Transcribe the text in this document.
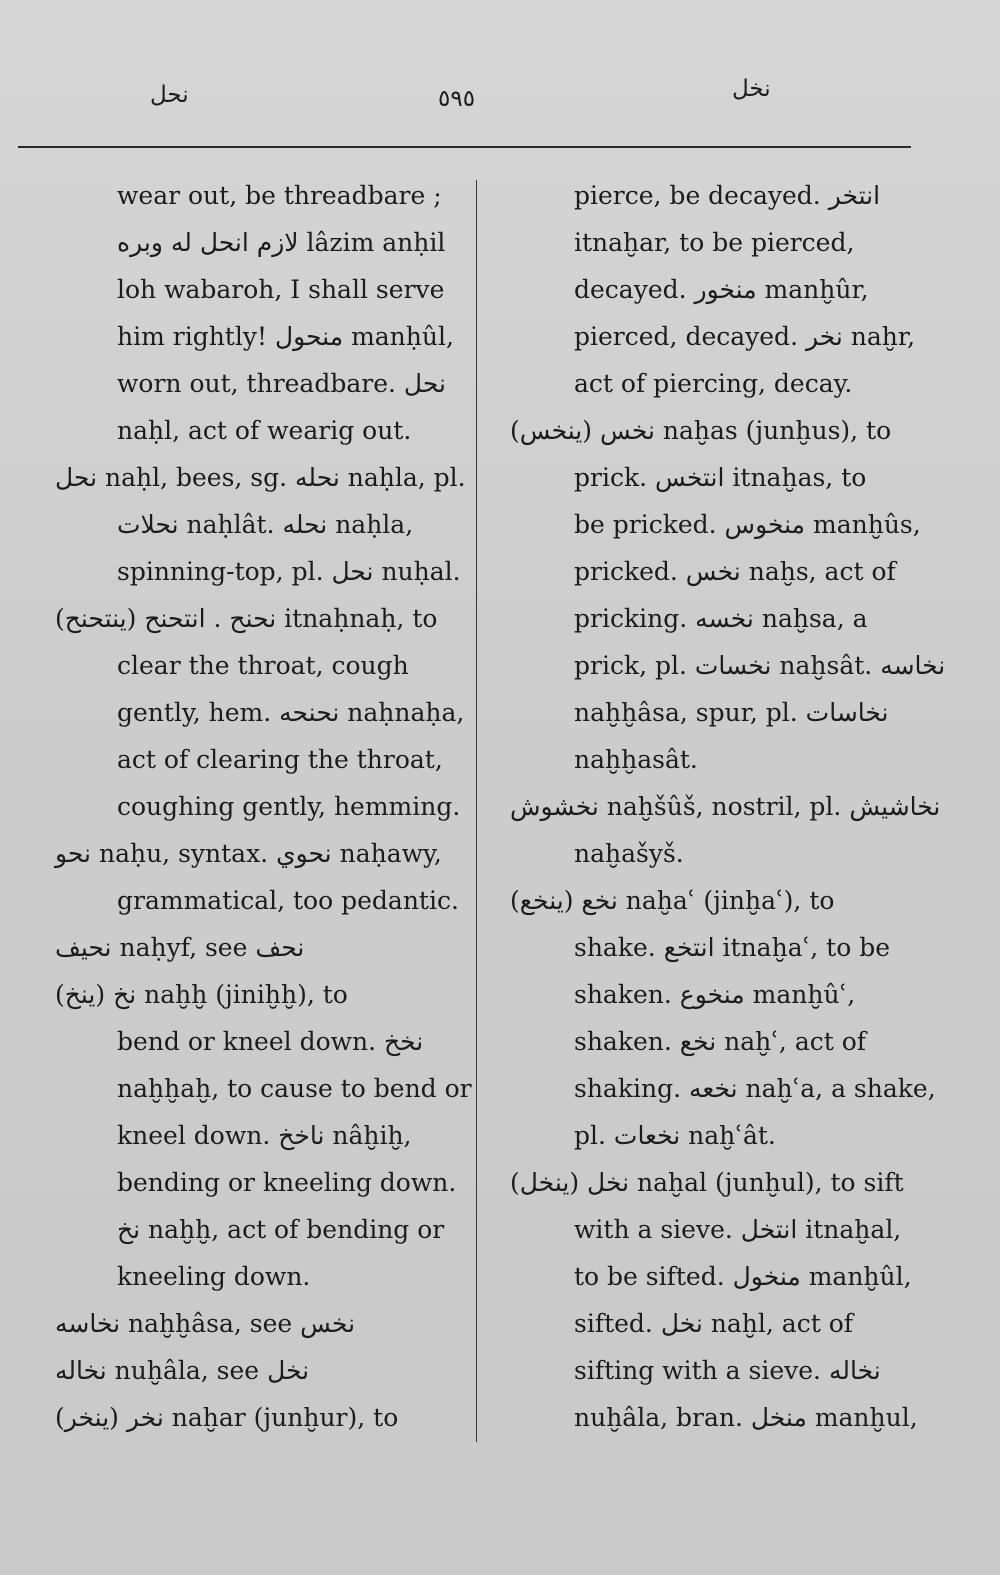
نحل	٥٩٥	نخل
wear out, be threadbare ;
لازم انحل له وبره lâzim anḥil
loh wabaroh, I shall serve
him rightly! منحول manḥûl,
worn out, threadbare. نحل
naḥl, act of wearig out.
نحل naḥl, bees, sg. نحله naḥla, pl.
نحلات naḥlât. نحله naḥla,
spinning-top, pl. نحل nuḥal.
نحنح . انتحنح (ينتحنح) itnaḥnaḥ, to
clear the throat, cough
gently, hem. نحنحه naḥnaḥa,
act of clearing the throat,
coughing gently, hemming.
نحو naḥu, syntax. نحوي naḥawy,
grammatical, too pedantic.
نحيف naḥyf, see نحف
نخ (ينخ) naḫḫ (jiniḫḫ), to
bend or kneel down. نخخ
naḫḫaḫ, to cause to bend or
kneel down. ناخخ nâḫiḫ,
bending or kneeling down.
نخ naḫḫ, act of bending or
kneeling down.
نخاسه naḫḫâsa, see نخس
نخاله nuḫâla, see نخل
نخر (ينخر) naḫar (junḫur), to
pierce, be decayed. انتخر
itnaḫar, to be pierced,
decayed. منخور manḫûr,
pierced, decayed. نخر naḫr,
act of piercing, decay.
نخس (ينخس) naḫas (junḫus), to
prick. انتخس itnaḫas, to
be pricked. منخوس manḫûs,
pricked. نخس naḫs, act of
pricking. نخسه naḫsa, a
prick, pl. نخسات naḫsât. نخاسه
naḫḫâsa, spur, pl. نخاسات
naḫḫasât.
نخشوش naḫšûš, nostril, pl. نخاشيش
naḫašyš.
نخع (ينخع) naḫaʿ (jinḫaʿ), to
shake. انتخع itnaḫaʿ, to be
shaken. منخوع manḫûʿ,
shaken. نخع naḫʿ, act of
shaking. نخعه naḫʿa, a shake,
pl. نخعات naḫʿât.
نخل (ينخل) naḫal (junḫul), to sift
with a sieve. انتخل itnaḫal,
to be sifted. منخول manḫûl,
sifted. نخل naḫl, act of
sifting with a sieve. نخاله
nuḫâla, bran. منخل manḫul,
